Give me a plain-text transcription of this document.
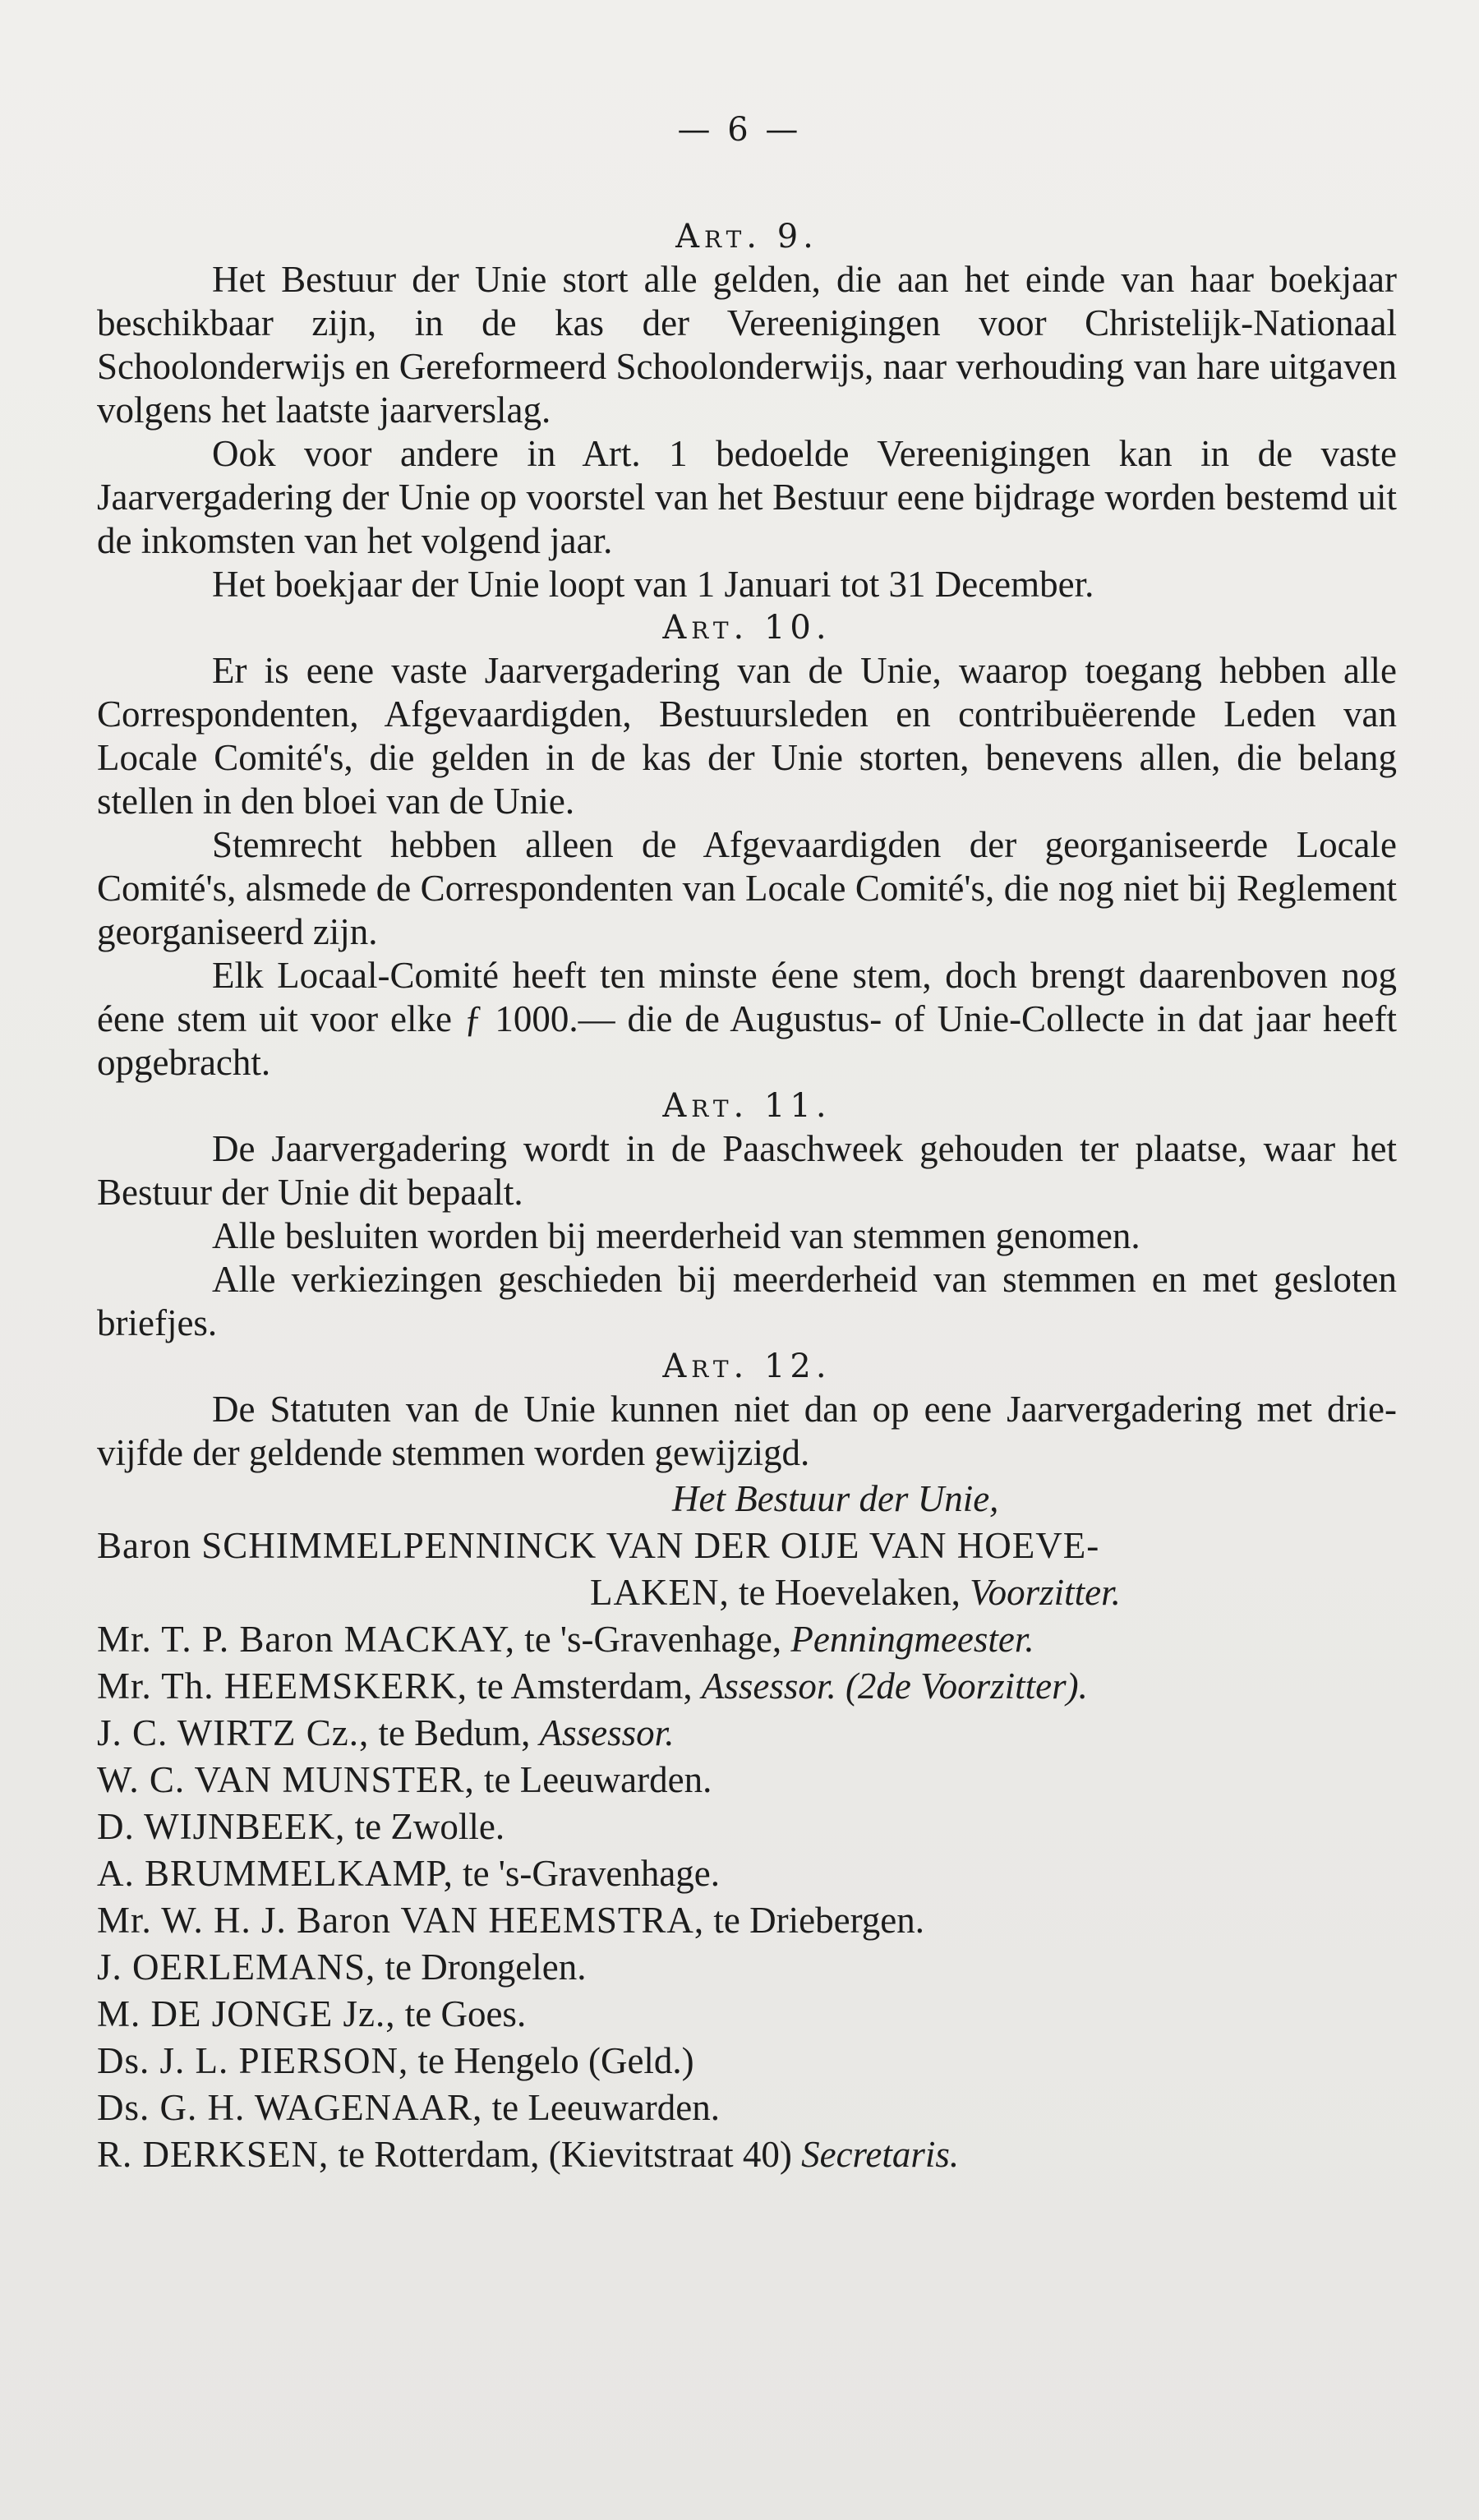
— 6 —
Art. 9.

Het Bestuur der Unie stort alle gelden, die aan het einde van haar boekjaar beschikbaar zijn, in de kas der Vereenigingen voor Christelijk-Nationaal Schoolonderwijs en Gereformeerd Schoolonderwijs, naar verhouding van hare uitgaven volgens het laatste jaarverslag.

Ook voor andere in Art. 1 bedoelde Vereenigingen kan in de vaste Jaarvergadering der Unie op voorstel van het Bestuur eene bijdrage worden bestemd uit de inkomsten van het volgend jaar.

Het boekjaar der Unie loopt van 1 Januari tot 31 December.

Art. 10.

Er is eene vaste Jaarvergadering van de Unie, waarop toegang hebben alle Correspondenten, Afgevaardigden, Bestuursleden en contribuëerende Leden van Locale Comité's, die gelden in de kas der Unie storten, benevens allen, die belang stellen in den bloei van de Unie.

Stemrecht hebben alleen de Afgevaardigden der georganiseerde Locale Comité's, alsmede de Correspondenten van Locale Comité's, die nog niet bij Reglement georganiseerd zijn.

Elk Locaal-Comité heeft ten minste éene stem, doch brengt daarenboven nog éene stem uit voor elke ƒ 1000.— die de Augustus- of Unie-Collecte in dat jaar heeft opgebracht.

Art. 11.

De Jaarvergadering wordt in de Paaschweek gehouden ter plaatse, waar het Bestuur der Unie dit bepaalt.

Alle besluiten worden bij meerderheid van stemmen genomen.

Alle verkiezingen geschieden bij meerderheid van stemmen en met gesloten briefjes.

Art. 12.

De Statuten van de Unie kunnen niet dan op eene Jaarvergadering met drie-vijfde der geldende stemmen worden gewijzigd.

Het Bestuur der Unie,
Baron SCHIMMELPENNINCK VAN DER OIJE VAN HOEVE-
LAKEN, te Hoevelaken, Voorzitter.
Mr. T. P. Baron MACKAY, te 's-Gravenhage, Penningmeester.
Mr. Th. HEEMSKERK, te Amsterdam, Assessor. (2de Voorzitter).
J. C. WIRTZ Cz., te Bedum, Assessor.
W. C. VAN MUNSTER, te Leeuwarden.
D. WIJNBEEK, te Zwolle.
A. BRUMMELKAMP, te 's-Gravenhage.
Mr. W. H. J. Baron VAN HEEMSTRA, te Driebergen.
J. OERLEMANS, te Drongelen.
M. DE JONGE Jz., te Goes.
Ds. J. L. PIERSON, te Hengelo (Geld.)
Ds. G. H. WAGENAAR, te Leeuwarden.
R. DERKSEN, te Rotterdam, (Kievitstraat 40) Secretaris.
